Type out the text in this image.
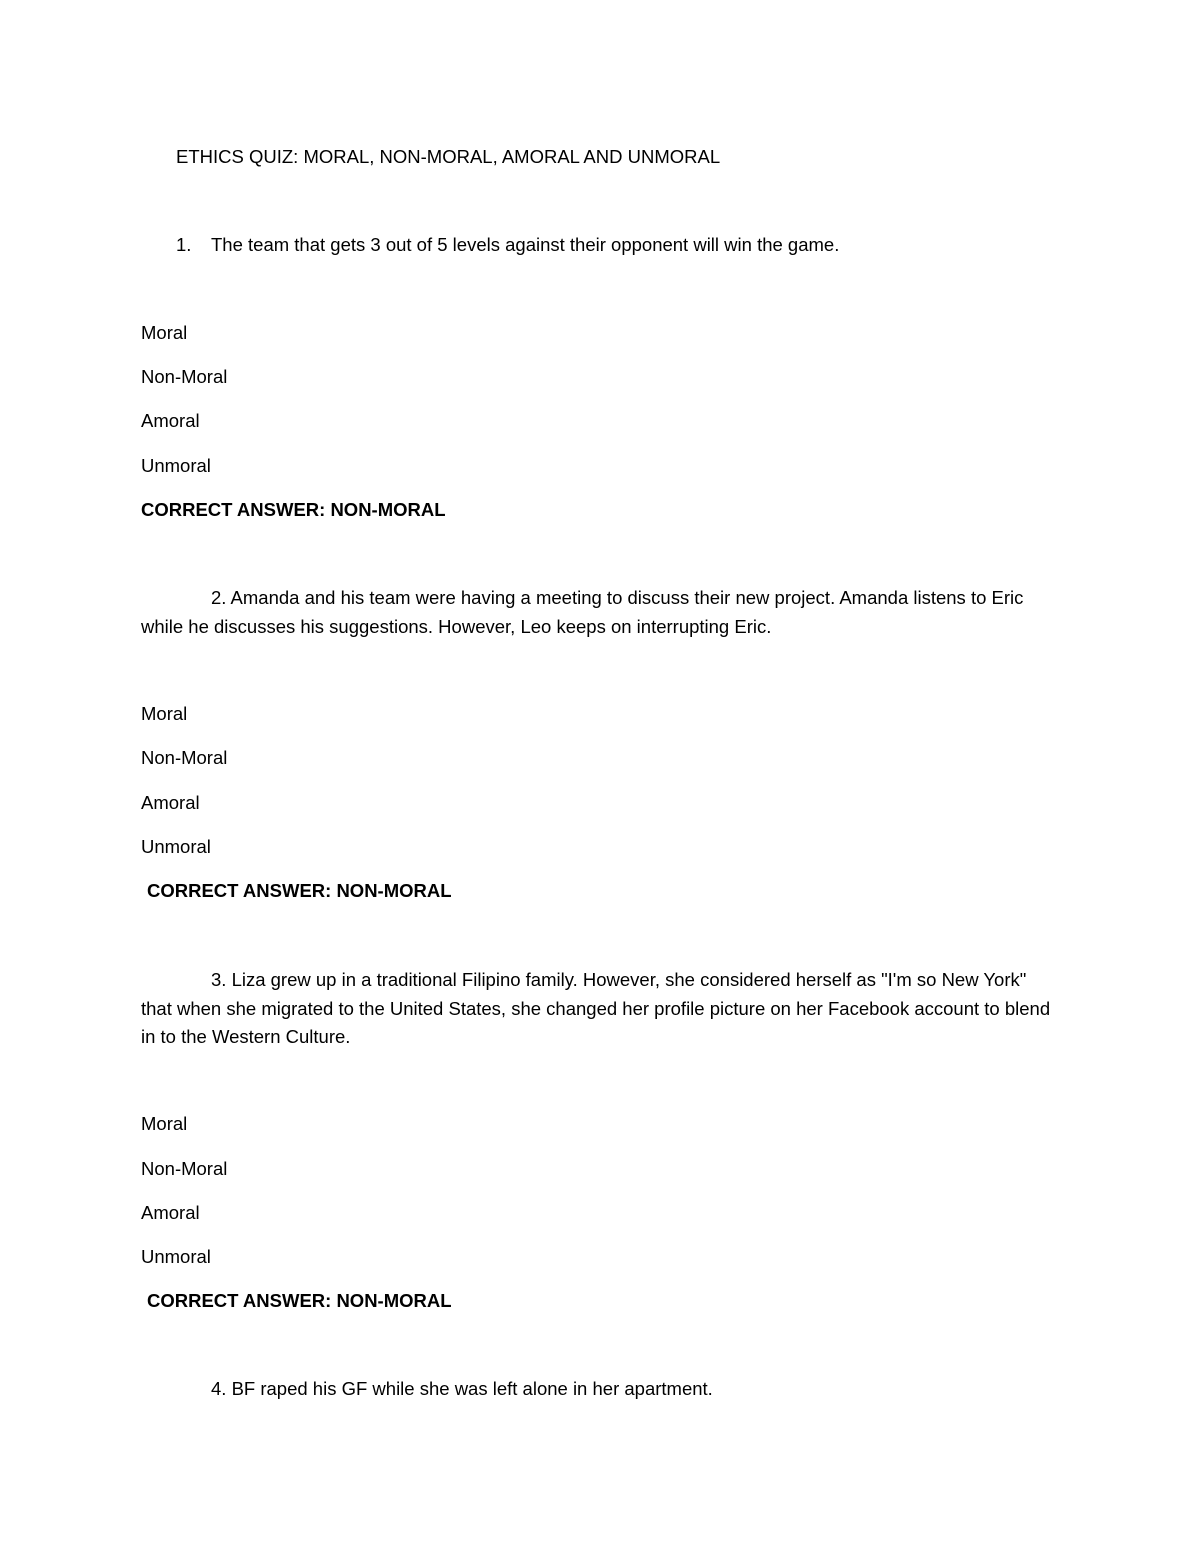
ETHICS QUIZ: MORAL, NON-MORAL, AMORAL AND UNMORAL
1. The team that gets 3 out of 5 levels against their opponent will win the game.
Moral
Non-Moral
Amoral
Unmoral
CORRECT ANSWER: NON-MORAL
2. Amanda and his team were having a meeting to discuss their new project. Amanda listens to Eric while he discusses his suggestions. However, Leo keeps on interrupting Eric.
Moral
Non-Moral
Amoral
Unmoral
CORRECT ANSWER: NON-MORAL
3. Liza grew up in a traditional Filipino family. However, she considered herself as "I'm so New York" that when she migrated to the United States, she changed her profile picture on her Facebook account to blend in to the Western Culture.
Moral
Non-Moral
Amoral
Unmoral
CORRECT ANSWER: NON-MORAL
4. BF raped his GF while she was left alone in her apartment.
